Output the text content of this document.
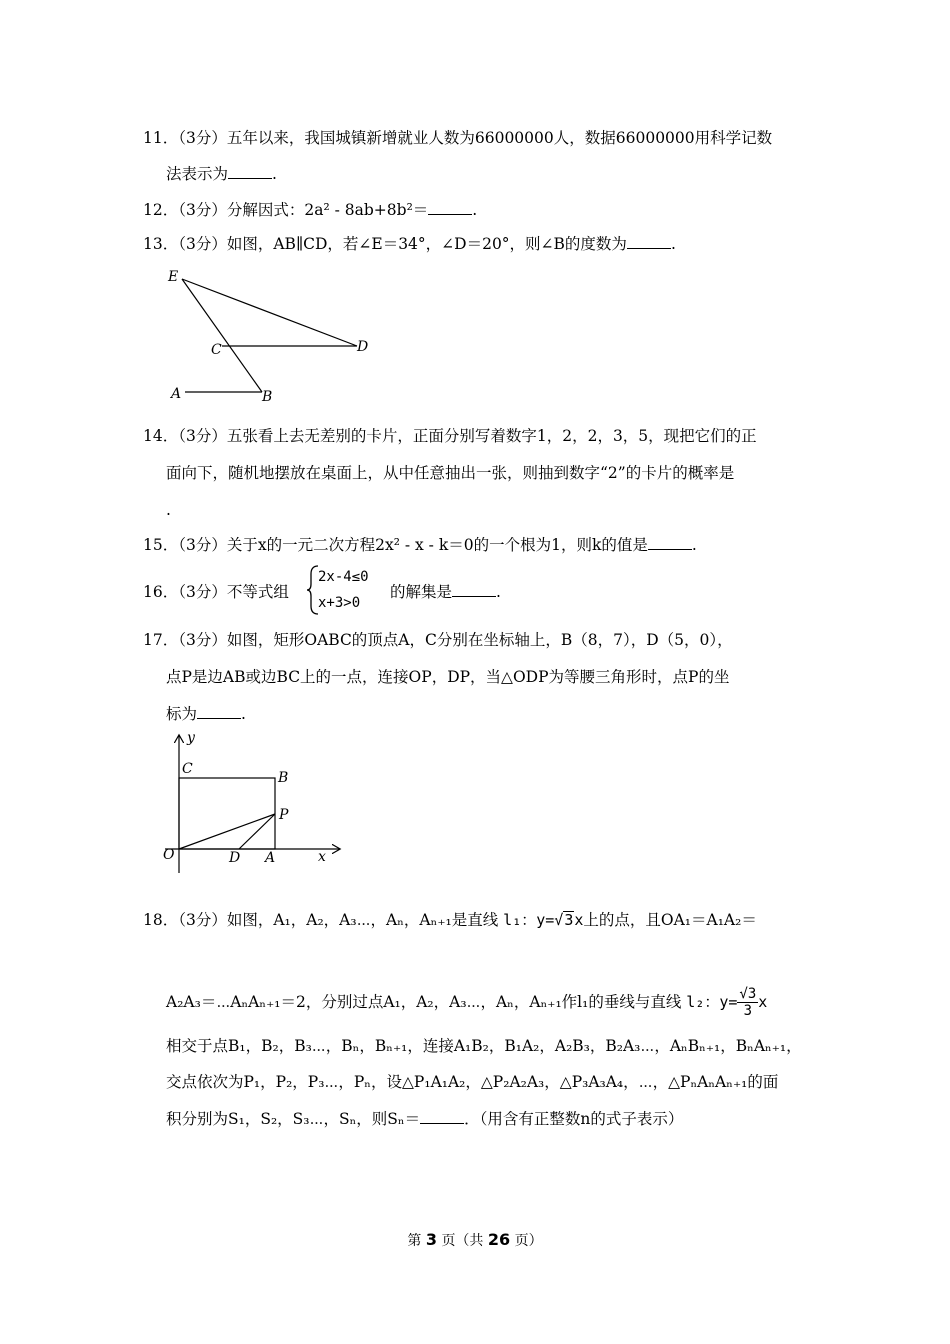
11．（3分）五年以来，我国城镇新增就业人数为66000000人，数据66000000用科学记数
法表示为	.
12．（3分）分解因式：2a² - 8ab+8b²＝	.
13．（3分）如图，AB∥CD，若∠E＝34°，∠D＝20°，则∠B的度数为	.
E
C	D
A	B
14．（3分）五张看上去无差别的卡片，正面分别写着数字1，2，2，3，5，现把它们的正
面向下，随机地摆放在桌面上，从中任意抽出一张，则抽到数字“2”的卡片的概率是
.
15．（3分）关于x的一元二次方程2x² - x - k＝0的一个根为1，则k的值是	.
16．（3分）不等式组
2x-4≤0
x+3>0
的解集是	.
17．（3分）如图，矩形OABC的顶点A，C分别在坐标轴上，B（8，7），D（5，0），
点P是边AB或边BC上的一点，连接OP，DP，当△ODP为等腰三角形时，点P的坐
标为	.
y
C
B
P
O	D A	x
18．（3分）如图，A₁，A₂，A₃⋯，Aₙ，Aₙ₊₁是直线 l₁：y=√3x上的点，且OA₁＝A₁A₂＝
A₂A₃＝⋯AₙAₙ₊₁＝2，分别过点A₁，A₂，A₃⋯，Aₙ，Aₙ₊₁作l₁的垂线与直线 l₂：$y= \frac{√3}{3}$ x
相交于点B₁，B₂，B₃⋯，Bₙ，Bₙ₊₁，连接A₁B₂，B₁A₂，A₂B₃，B₂A₃⋯，AₙBₙ₊₁，BₙAₙ₊₁，
交点依次为P₁，P₂，P₃⋯，Pₙ，设△P₁A₁A₂，△P₂A₂A₃，△P₃A₃A₄，⋯，△PₙAₙAₙ₊₁的面
积分别为S₁，S₂，S₃⋯，Sₙ，则Sₙ＝	．（用含有正整数n的式子表示）
第 3 页（共 26 页）
